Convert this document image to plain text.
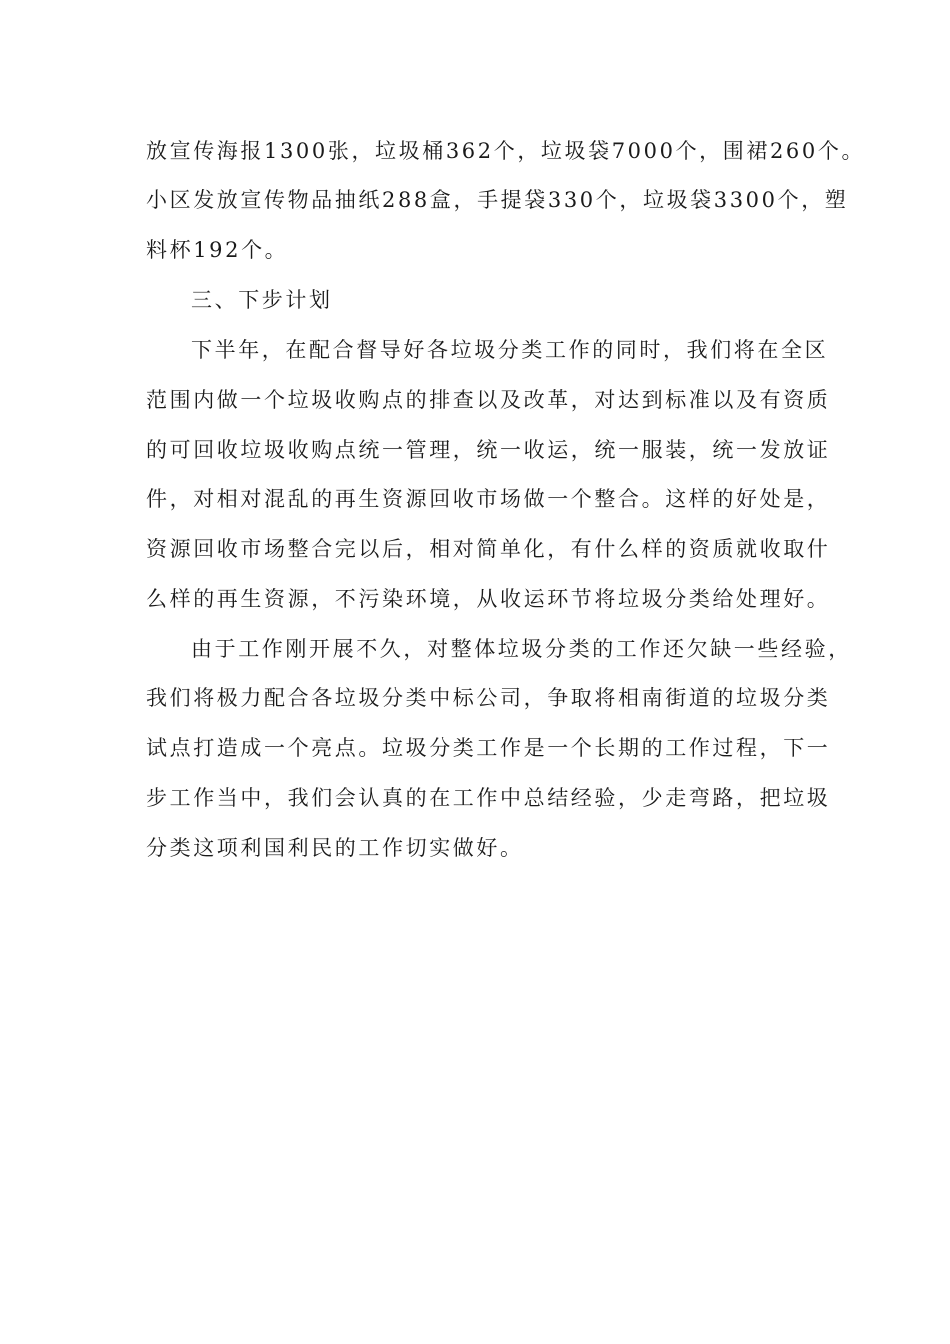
放宣传海报1300张，垃圾桶362个，垃圾袋7000个，围裙260个。
小区发放宣传物品抽纸288盒，手提袋330个，垃圾袋3300个，塑
料杯192个。
三、下步计划
下半年，在配合督导好各垃圾分类工作的同时，我们将在全区
范围内做一个垃圾收购点的排查以及改革，对达到标准以及有资质
的可回收垃圾收购点统一管理，统一收运，统一服装，统一发放证
件，对相对混乱的再生资源回收市场做一个整合。这样的好处是，
资源回收市场整合完以后，相对简单化，有什么样的资质就收取什
么样的再生资源，不污染环境，从收运环节将垃圾分类给处理好。
由于工作刚开展不久，对整体垃圾分类的工作还欠缺一些经验，
我们将极力配合各垃圾分类中标公司，争取将相南街道的垃圾分类
试点打造成一个亮点。垃圾分类工作是一个长期的工作过程，下一
步工作当中，我们会认真的在工作中总结经验，少走弯路，把垃圾
分类这项利国利民的工作切实做好。
